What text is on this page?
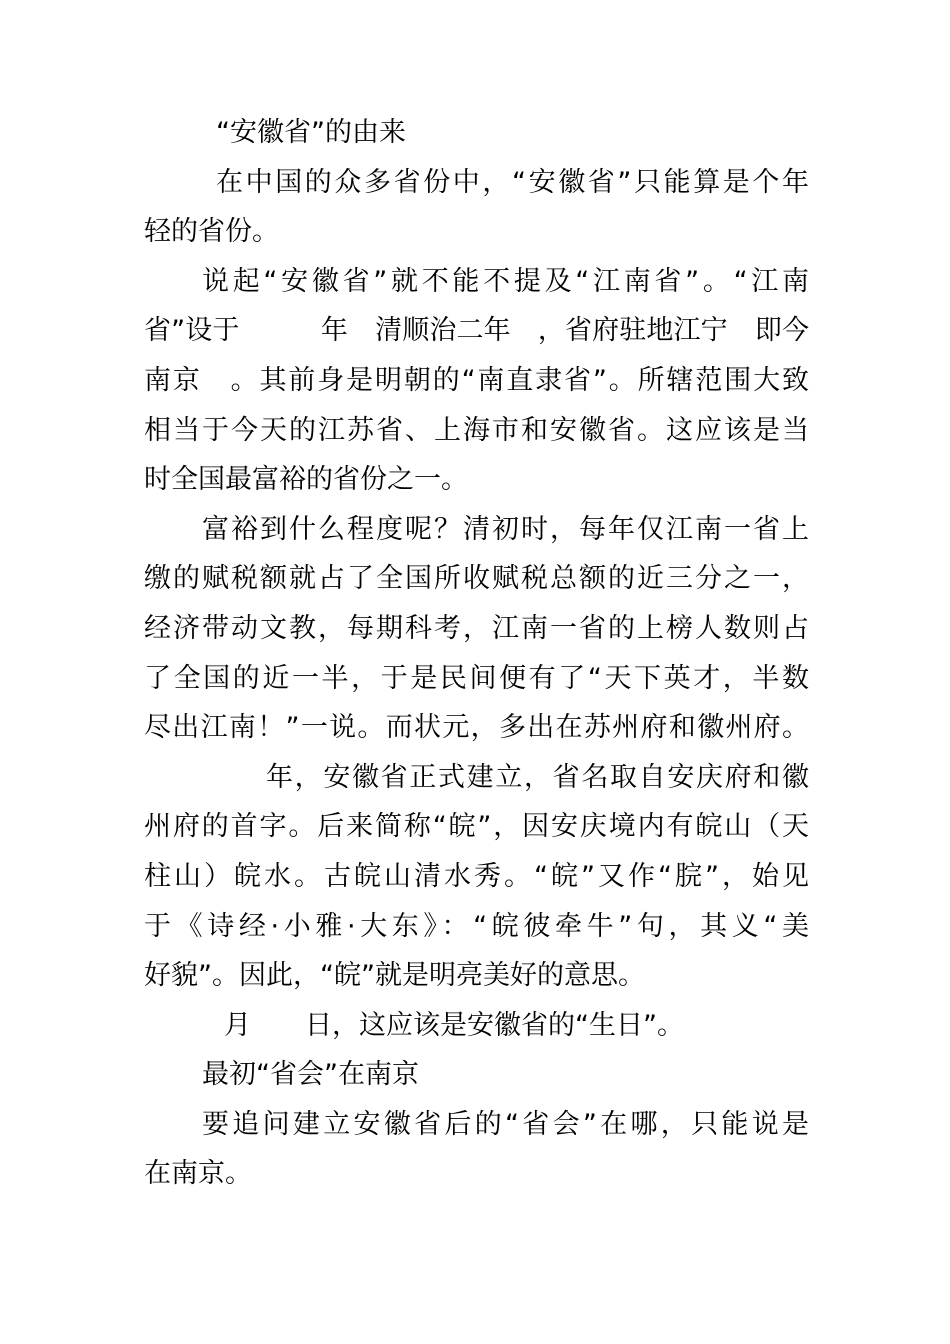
“安徽省”的由来
在中国的众多省份中，“安徽省”只能算是个年
轻的省份。
说起“安徽省”就不能不提及“江南省”。“江南
省”设于　　　年　清顺治二年　，省府驻地江宁　即今
南京　。其前身是明朝的“南直隶省”。所辖范围大致
相当于今天的江苏省、上海市和安徽省。这应该是当
时全国最富裕的省份之一。
富裕到什么程度呢？清初时，每年仅江南一省上
缴的赋税额就占了全国所收赋税总额的近三分之一，
经济带动文教，每期科考，江南一省的上榜人数则占
了全国的近一半，于是民间便有了“天下英才，半数
尽出江南！”一说。而状元，多出在苏州府和徽州府。
年，安徽省正式建立，省名取自安庆府和徽
州府的首字。后来简称“皖”，因安庆境内有皖山（天
柱山）皖水。古皖山清水秀。“皖”又作“脘”，始见
于《诗经·小雅·大东》：“皖彼牵牛”句，其义“美
好貌”。因此，“皖”就是明亮美好的意思。
月　　日，这应该是安徽省的“生日”。
最初“省会”在南京
要追问建立安徽省后的“省会”在哪，只能说是
在南京。
